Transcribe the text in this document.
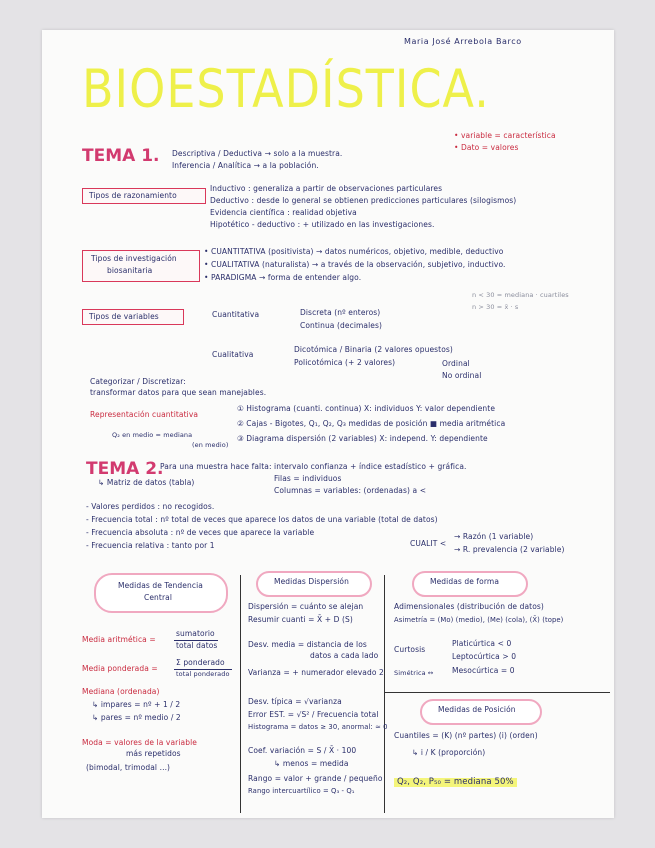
Maria José Arrebola Barco
BIOESTADÍSTICA.
TEMA 1. Descriptiva / Deductiva → solo a la muestra.
Inferencia / Analítica → a la población.
• variable = característica
• Dato = valores
Tipos de razonamiento
Inductivo : generaliza a partir de observaciones particulares
Deductivo : desde lo general se obtienen predicciones particulares (silogismos)
Evidencia científica : realidad objetiva
Hipotético - deductivo : + utilizado en las investigaciones.
Tipos de investigación
biosanitaria
• CUANTITATIVA (positivista) → datos numéricos, objetivo, medible, deductivo
• CUALITATIVA (naturalista) → a través de la observación, subjetivo, inductivo.
• PARADIGMA → forma de entender algo.
n < 30 = mediana · cuartiles
n > 30 = x̄ · s
Tipos de variables	Cuantitativa	Discreta (nº enteros)
Continua (decimales)
Cualitativa
Dicotómica / Binaria (2 valores opuestos)
Policotómica (+ 2 valores)	Ordinal
No ordinal
Categorizar / Discretizar:
transformar datos para que sean manejables.
Representación cuantitativa
Q₂ en medio = mediana
(en medio)
① Histograma (cuanti. continua) X: individuos Y: valor dependiente
② Cajas - Bigotes, Q₁, Q₂, Q₃ medidas de posición ■ media aritmética
③ Diagrama dispersión (2 variables) X: independ. Y: dependiente
TEMA 2.
Para una muestra hace falta: intervalo confianza + índice estadístico + gráfica.
↳ Matriz de datos (tabla)	Filas = individuos
Columnas = variables: (ordenadas) a <
- Valores perdidos : no recogidos.
- Frecuencia total : nº total de veces que aparece los datos de una variable (total de datos)
- Frecuencia absoluta : nº de veces que aparece la variable
- Frecuencia relativa : tanto por 1	CUALIT <
→ Razón (1 variable)
→ R. prevalencia (2 variable)
Medidas de Tendencia
Central
Media aritmética =
sumatorio
total datos
Media ponderada =
Σ ponderado
total ponderado
Mediana (ordenada)
↳ impares = nº + 1 / 2
↳ pares = nº medio / 2
Moda = valores de la variable
más repetidos
(bimodal, trimodal ...)
Medidas Dispersión
Dispersión = cuánto se alejan
Resumir cuanti = X̄ + D (S)
Desv. media = distancia de los
datos a cada lado
Varianza = + numerador elevado 2
Desv. típica = √varianza
Error EST. = √S² / Frecuencia total
Histograma = datos ≥ 30, anormal: ≈ 0
Coef. variación = S / X̄ · 100
↳ menos = medida
Rango = valor + grande / pequeño
Rango intercuartílico = Q₃ - Q₁
Medidas de forma
Adimensionales (distribución de datos)
Asimetría = (Mo) (medio), (Me) (cola), (X̄) (tope)
Curtosis
Platicúrtica < 0
Leptocúrtica > 0
Simétrica ↔ Mesocúrtica = 0
Medidas de Posición
Cuantiles = (K) (nº partes) (i) (orden)
↳ i / K (proporción)
Q₂, Q₂, P₅₀ = mediana 50%
